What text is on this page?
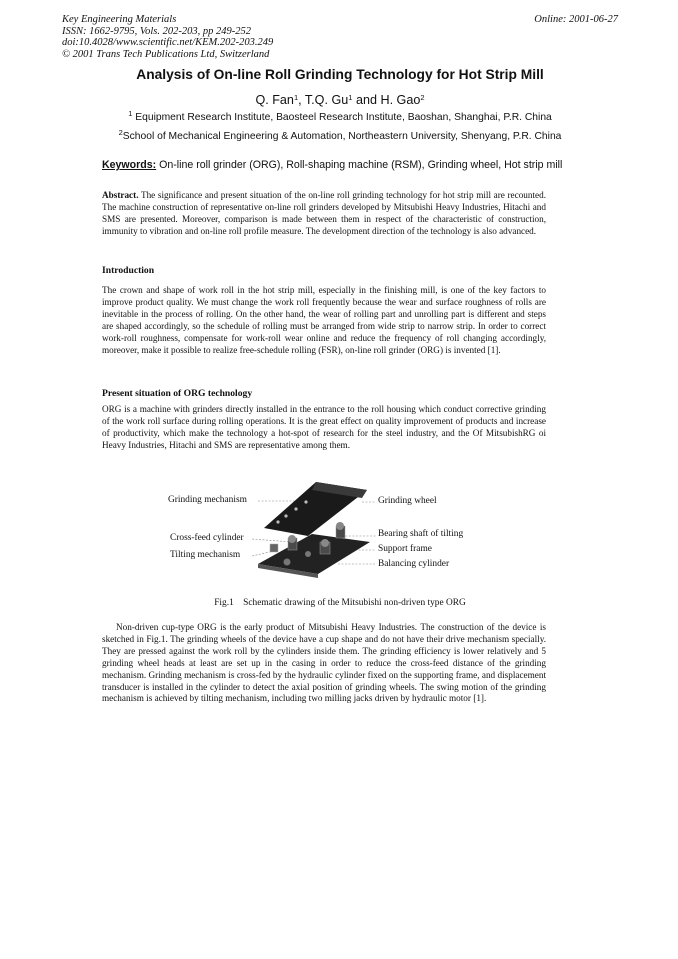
Key Engineering Materials
ISSN: 1662-9795, Vols. 202-203, pp 249-252
doi:10.4028/www.scientific.net/KEM.202-203.249
© 2001 Trans Tech Publications Ltd, Switzerland
Online: 2001-06-27
Analysis of On-line Roll Grinding Technology for Hot Strip Mill
Q. Fan$^1$, T.Q. Gu$^1$ and H. Gao$^2$
$^1$ Equipment Research Institute, Baosteel Research Institute, Baoshan, Shanghai, P.R. China
$^2$School of Mechanical Engineering & Automation, Northeastern University, Shenyang, P.R. China
Keywords: On-line roll grinder (ORG), Roll-shaping machine (RSM), Grinding wheel, Hot strip mill
Abstract. The significance and present situation of the on-line roll grinding technology for hot strip mill are recounted. The machine construction of representative on-line roll grinders developed by Mitsubishi Heavy Industries, Hitachi and SMS are presented. Moreover, comparison is made between them in respect of the characteristic of construction, immunity to vibration and on-line roll profile measure. The development direction of the technology is also advanced.
Introduction
The crown and shape of work roll in the hot strip mill, especially in the finishing mill, is one of the key factors to improve product quality. We must change the work roll frequently because the wear and surface roughness of rolls are inevitable in the process of rolling. On the other hand, the wear of rolling part and unrolling part is different and steps are shaped accordingly, so the schedule of rolling must be arranged from wide strip to narrow strip. In order to correct work-roll roughness, compensate for work-roll wear online and reduce the frequency of roll changing accordingly, moreover, make it possible to realize free-schedule rolling (FSR), on-line roll grinder (ORG) is invented [1].
Present situation of ORG technology
ORG is a machine with grinders directly installed in the entrance to the roll housing which conduct corrective grinding of the work roll surface during rolling operations. It is the great effect on quality improvement of products and increase of productivity, which make the technology a hot-spot of research for the steel industry, and the Of MitsubishRG oi Heavy Industries, Hitachi and SMS are representative among them.
Grinding mechanism
Cross-feed cylinder
Tilting mechanism
Grinding wheel
Bearing shaft of tilting
Support frame
Balancing cylinder
Fig.1    Schematic drawing of the Mitsubishi non-driven type ORG
Non-driven cup-type ORG is the early product of Mitsubishi Heavy Industries. The construction of the device is sketched in Fig.1. The grinding wheels of the device have a cup shape and do not have their drive mechanism specially. They are pressed against the work roll by the cylinders inside them. The grinding efficiency is lower relatively and 5 grinding wheel heads at least are set up in the casing in order to reduce the cross-feed distance of the grinding mechanism. Grinding mechanism is cross-fed by the hydraulic cylinder fixed on the supporting frame, and displacement transducer is installed in the cylinder to detect the axial position of grinding wheels. The swing motion of the grinding mechanism is achieved by tilting mechanism, including two milling jacks driven by hydraulic motor [1].
